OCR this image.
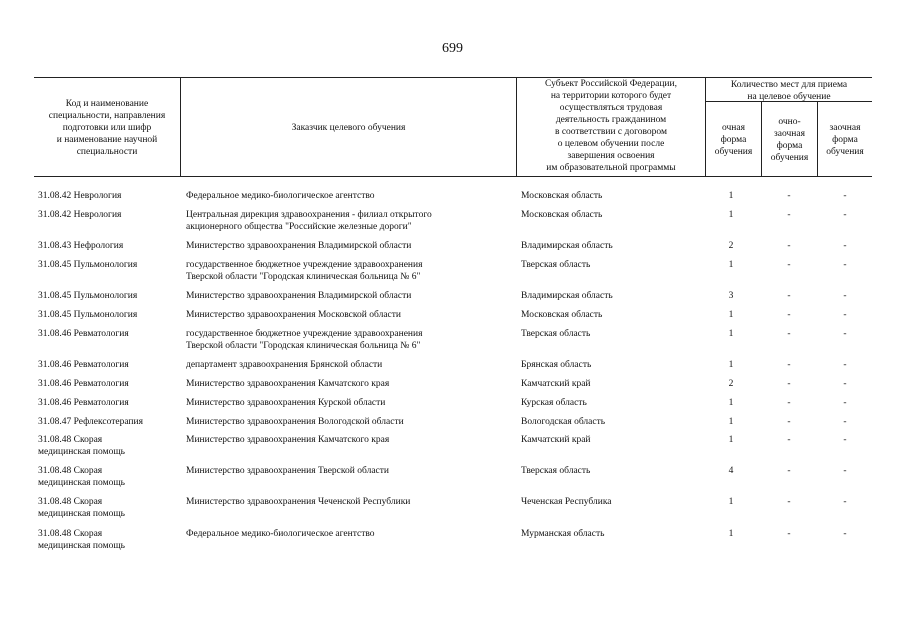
699
Код и наименование
специальности, направления
подготовки или шифр
и наименование научной
специальности
Заказчик целевого обучения
Субъект Российской Федерации,
на территории которого будет
осуществляться трудовая
деятельность гражданином
в соответствии с договором
о целевом обучении после
завершения освоения
им образовательной программы
Количество мест для приема
на целевое обучение
очная
форма
обучения
очно-
заочная
форма
обучения
заочная
форма
обучения
31.08.42 Неврология	Федеральное медико-биологическое агентство	Московская область	1	-	-
31.08.42 Неврология	Центральная дирекция здравоохранения - филиал открытого
акционерного общества "Российские железные дороги"
Московская область	1	-	-
31.08.43 Нефрология	Министерство здравоохранения Владимирской области	Владимирская область	2	-	-
31.08.45 Пульмонология	государственное бюджетное учреждение здравоохранения
Тверской области "Городская клиническая больница № 6"
Тверская область	1	-	-
31.08.45 Пульмонология	Министерство здравоохранения Владимирской области	Владимирская область	3	-	-
31.08.45 Пульмонология	Министерство здравоохранения Московской области	Московская область	1	-	-
31.08.46 Ревматология	государственное бюджетное учреждение здравоохранения
Тверской области "Городская клиническая больница № 6"
Тверская область	1	-	-
31.08.46 Ревматология	департамент здравоохранения Брянской области	Брянская область	1	-	-
31.08.46 Ревматология	Министерство здравоохранения Камчатского края	Камчатский край	2	-	-
31.08.46 Ревматология	Министерство здравоохранения Курской области	Курская область	1	-	-
31.08.47 Рефлексотерапия	Министерство здравоохранения Вологодской области	Вологодская область	1	-	-
31.08.48 Скорая
медицинская помощь
Министерство здравоохранения Камчатского края	Камчатский край	1	-	-
31.08.48 Скорая
медицинская помощь
Министерство здравоохранения Тверской области	Тверская область	4	-	-
31.08.48 Скорая
медицинская помощь
Министерство здравоохранения Чеченской Республики	Чеченская Республика	1	-	-
31.08.48 Скорая
медицинская помощь
Федеральное медико-биологическое агентство	Мурманская область	1	-	-
